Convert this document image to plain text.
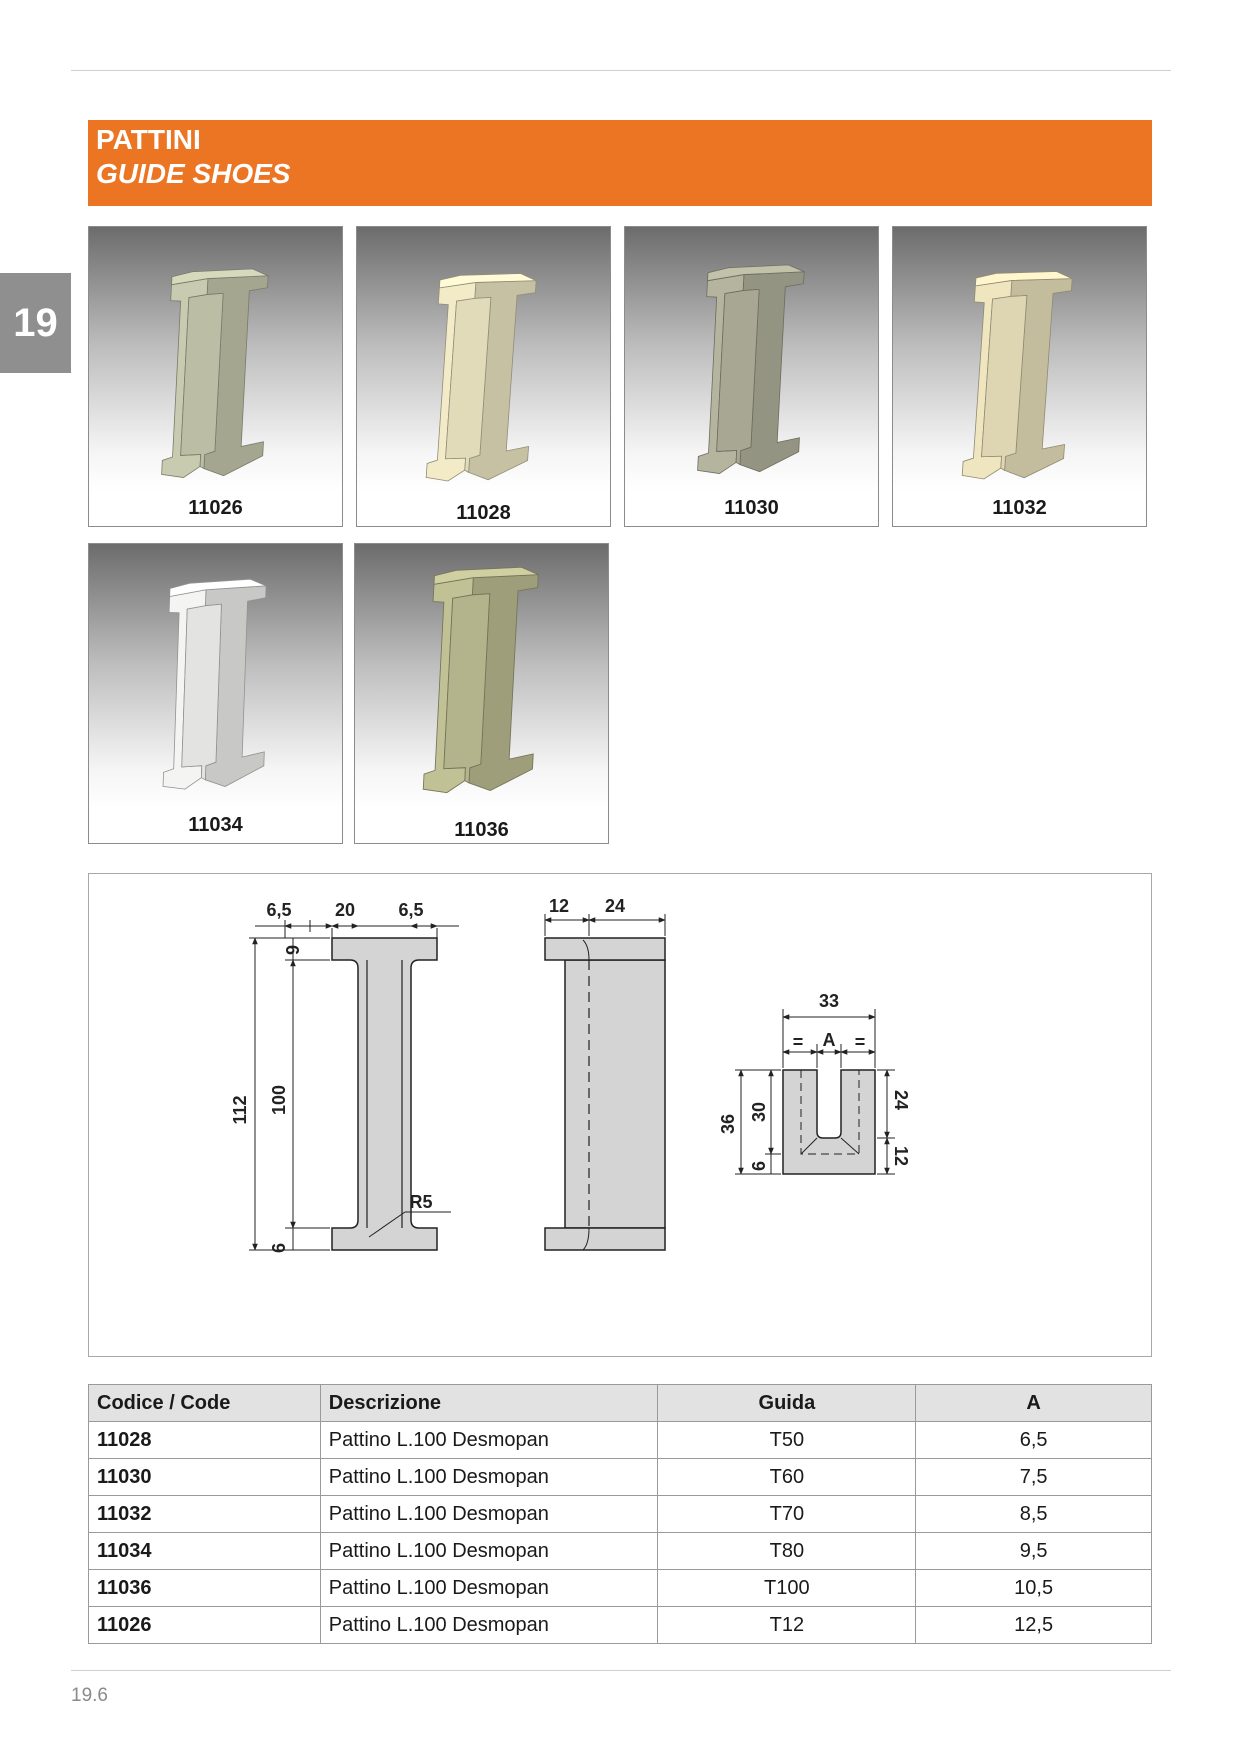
19
PATTINI
GUIDE SHOES
11026	11028	11030	11032
11034	11036
6,5 20 6,5
112 100
6
6
R5
12 24
33
= A =
36
30
6
24
12
Codice / Code	Descrizione	Guida	A
11028	Pattino L.100 Desmopan	T50	6,5
11030	Pattino L.100 Desmopan	T60	7,5
11032	Pattino L.100 Desmopan	T70	8,5
11034	Pattino L.100 Desmopan	T80	9,5
11036	Pattino L.100 Desmopan	T100	10,5
11026	Pattino L.100 Desmopan	T12	12,5
19.6
